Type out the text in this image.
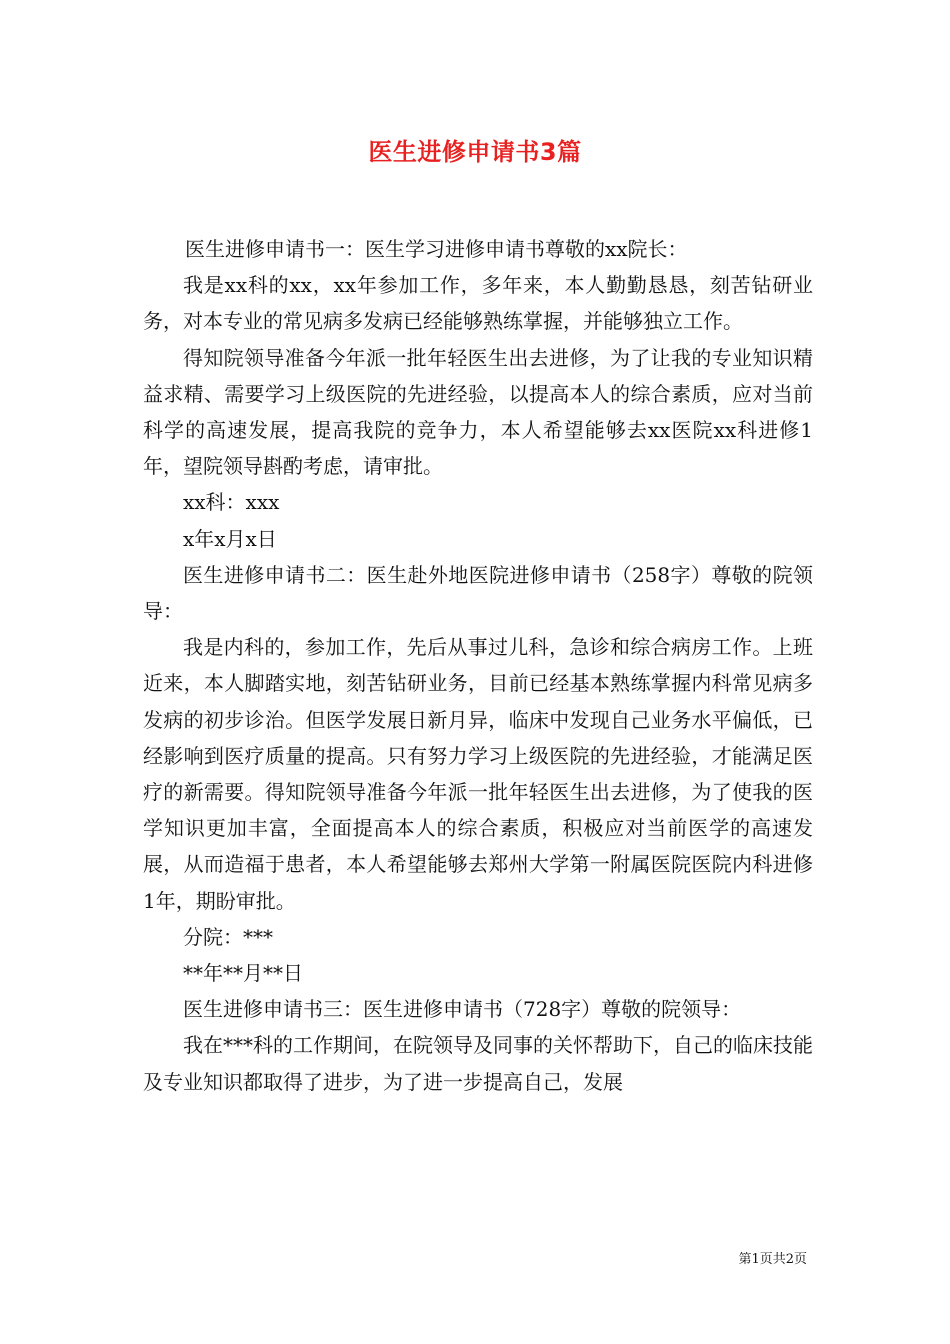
医生进修申请书3篇

医生进修申请书一：医生学习进修申请书尊敬的xx院长：

我是xx科的xx，xx年参加工作，多年来，本人勤勤恳恳，刻苦钻研业务，对本专业的常见病多发病已经能够熟练掌握，并能够独立工作。

得知院领导准备今年派一批年轻医生出去进修，为了让我的专业知识精益求精、需要学习上级医院的先进经验，以提高本人的综合素质，应对当前科学的高速发展，提高我院的竞争力，本人希望能够去xx医院xx科进修1年，望院领导斟酌考虑，请审批。

xx科：xxx

x年x月x日

医生进修申请书二：医生赴外地医院进修申请书（258字）尊敬的院领导：

我是内科的，参加工作，先后从事过儿科，急诊和综合病房工作。上班近来，本人脚踏实地，刻苦钻研业务，目前已经基本熟练掌握内科常见病多发病的初步诊治。但医学发展日新月异，临床中发现自己业务水平偏低，已经影响到医疗质量的提高。只有努力学习上级医院的先进经验，才能满足医疗的新需要。得知院领导准备今年派一批年轻医生出去进修，为了使我的医学知识更加丰富，全面提高本人的综合素质，积极应对当前医学的高速发展，从而造福于患者，本人希望能够去郑州大学第一附属医院医院内科进修1年，期盼审批。

分院：***

**年**月**日

医生进修申请书三：医生进修申请书（728字）尊敬的院领导：

我在***科的工作期间，在院领导及同事的关怀帮助下，自己的临床技能及专业知识都取得了进步，为了进一步提高自己，发展

第1页共2页
